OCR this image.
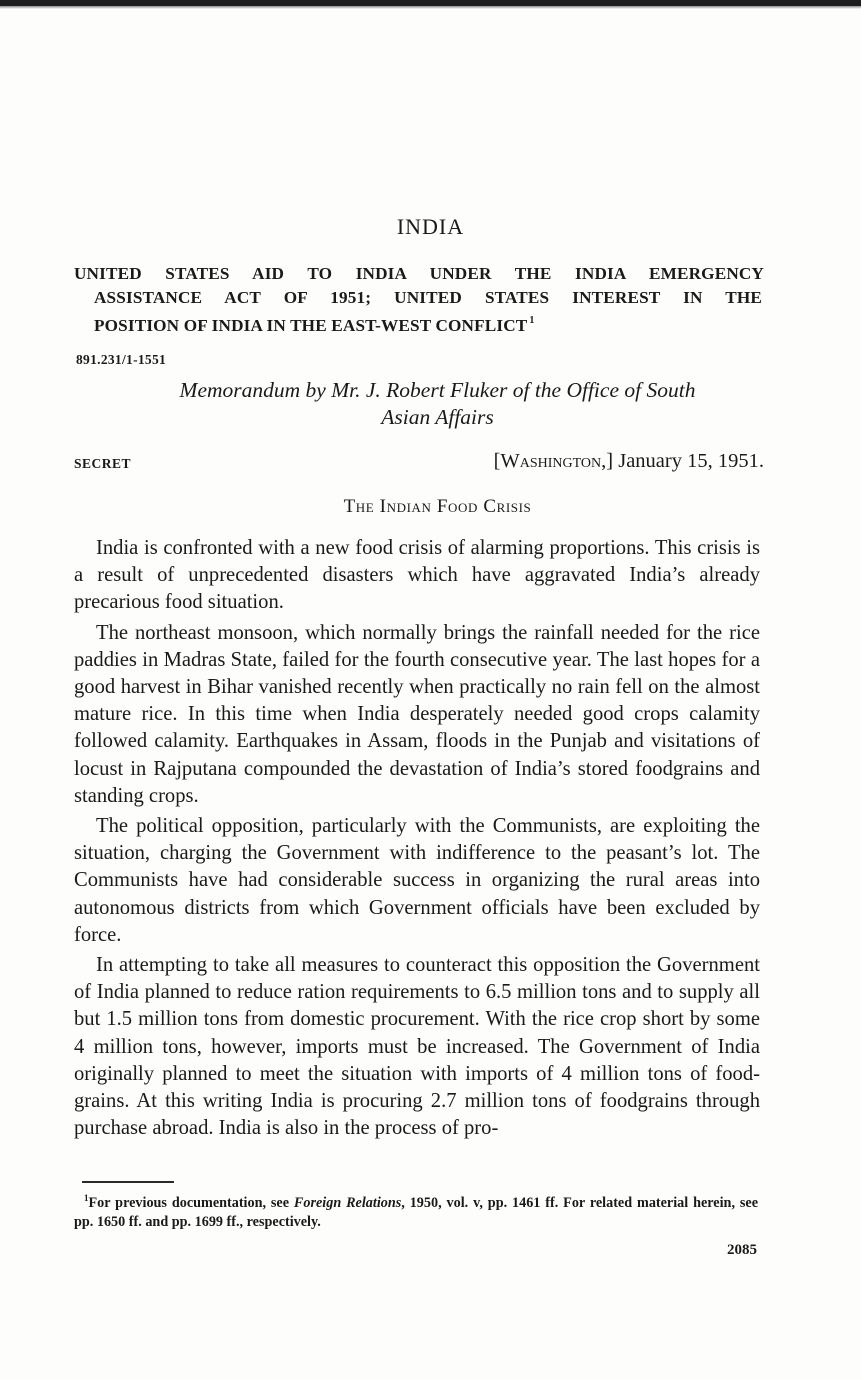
INDIA
UNITED STATES AID TO INDIA UNDER THE INDIA EMERGENCY
ASSISTANCE ACT OF 1951; UNITED STATES INTEREST IN THE
POSITION OF INDIA IN THE EAST-WEST CONFLICT $^1$
891.231/1-1551
Memorandum by Mr. J. Robert Fluker of the Office of South
Asian Affairs
SECRET	[Washington,] January 15, 1951.
The Indian Food Crisis

India is confronted with a new food crisis of alarming proportions. This crisis is a result of unprecedented disasters which have aggravated India’s already precarious food situation.

The northeast monsoon, which normally brings the rainfall needed for the rice paddies in Madras State, failed for the fourth consecutive year. The last hopes for a good harvest in Bihar vanished recently when practically no rain fell on the almost mature rice. In this time when India desperately needed good crops calamity followed calamity. Earthquakes in Assam, floods in the Punjab and visitations of locust in Rajputana compounded the devastation of India’s stored foodgrains and standing crops.

The political opposition, particularly with the Communists, are exploiting the situation, charging the Government with indifference to the peasant’s lot. The Communists have had considerable success in organizing the rural areas into autonomous districts from which Government officials have been excluded by force.

In attempting to take all measures to counteract this opposition the Government of India planned to reduce ration requirements to 6.5 million tons and to supply all but 1.5 million tons from domestic procurement. With the rice crop short by some 4 million tons, however, imports must be increased. The Government of India originally planned to meet the situation with imports of 4 million tons of foodgrains. At this writing India is procuring 2.7 million tons of foodgrains through purchase abroad. India is also in the process of pro-

$^1$For previous documentation, see Foreign Relations, 1950, vol. v, pp. 1461 ff. For related material herein, see pp. 1650 ff. and pp. 1699 ff., respectively.
2085
